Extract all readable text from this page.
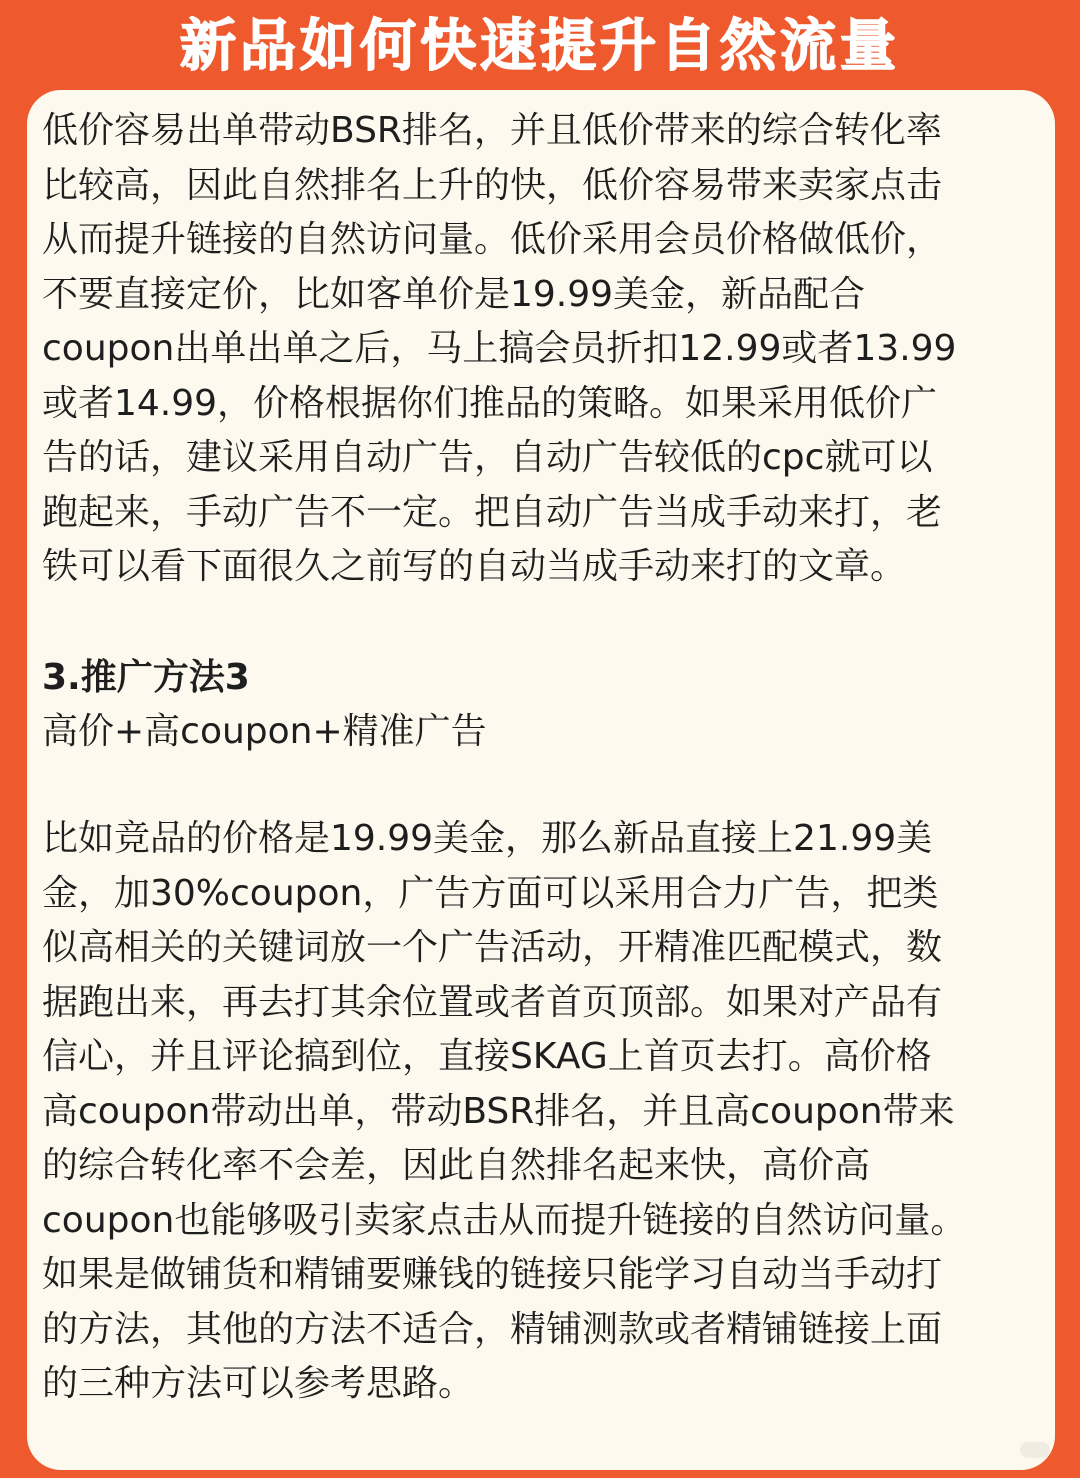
新品如何快速提升自然流量
低价容易出单带动BSR排名，并且低价带来的综合转化率
比较高，因此自然排名上升的快，低价容易带来卖家点击
从而提升链接的自然访问量。低价采用会员价格做低价，
不要直接定价，比如客单价是19.99美金，新品配合
coupon出单出单之后，马上搞会员折扣12.99或者13.99
或者14.99，价格根据你们推品的策略。如果采用低价广
告的话，建议采用自动广告，自动广告较低的cpc就可以
跑起来，手动广告不一定。把自动广告当成手动来打，老
铁可以看下面很久之前写的自动当成手动来打的文章。
3.推广方法3
高价+高coupon+精准广告
比如竞品的价格是19.99美金，那么新品直接上21.99美
金，加30%coupon，广告方面可以采用合力广告，把类
似高相关的关键词放一个广告活动，开精准匹配模式，数
据跑出来，再去打其余位置或者首页顶部。如果对产品有
信心，并且评论搞到位，直接SKAG上首页去打。高价格
高coupon带动出单，带动BSR排名，并且高coupon带来
的综合转化率不会差，因此自然排名起来快，高价高
coupon也能够吸引卖家点击从而提升链接的自然访问量。
如果是做铺货和精铺要赚钱的链接只能学习自动当手动打
的方法，其他的方法不适合，精铺测款或者精铺链接上面
的三种方法可以参考思路。
